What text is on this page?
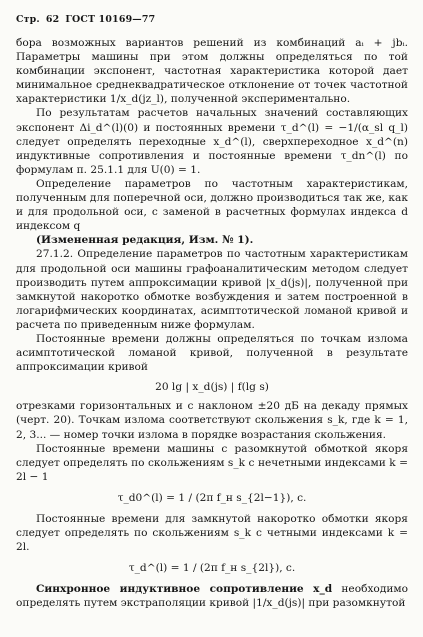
Стр. 62 ГОСТ 10169—77

бора возможных вариантов решений из комбинаций aᵢ + jbᵢ. Параметры машины при этом должны определяться по той комбинации экспонент, частотная характеристика которой дает минимальное среднеквадратическое отклонение от точек частотной характеристики 1/x_d(jz_l), полученной экспериментально.

По результатам расчетов начальных значений составляющих экспонент Δi_d^(l)(0) и постоянных времени τ_d^(l) = −1/(α_sl q_l) следует определять переходные x_d^(l), сверхпереходное x_d^(n) индуктивные сопротивления и постоянные времени τ_dn^(l) по формулам п. 25.1.1 для U(0) = 1.

Определение параметров по частотным характеристикам, полученным для поперечной оси, должно производиться так же, как и для продольной оси, с заменой в расчетных формулах индекса d индексом q

(Измененная редакция, Изм. № 1).

27.1.2. Определение параметров по частотным характеристикам для продольной оси машины графоаналитическим методом следует производить путем аппроксимации кривой |x_d(js)|, полученной при замкнутой накоротко обмотке возбуждения и затем построенной в логарифмических координатах, асимптотической ломаной кривой и расчета по приведенным ниже формулам.

Постоянные времени должны определяться по точкам излома асимптотической ломаной кривой, полученной в результате аппроксимации кривой

20 lg | x_d(js) | f(lg s)

отрезками горизонтальных и с наклоном ±20 дБ на декаду прямых (черт. 20). Точкам излома соответствуют скольжения s_k, где k = 1, 2, 3... — номер точки излома в порядке возрастания скольжения.

Постоянные времени машины с разомкнутой обмоткой якоря следует определять по скольжениям s_k с нечетными индексами k = 2l − 1

τ_d0^(l) = 1 / (2π f_н s_{2l−1}), с.

Постоянные времени для замкнутой накоротко обмотки якоря следует определять по скольжениям s_k с четными индексами k = 2l.

τ_d^(l) = 1 / (2π f_н s_{2l}), с.

Синхронное индуктивное сопротивление x_d необходимо определять путем экстраполяции кривой |1/x_d(js)| при разомкнутой
